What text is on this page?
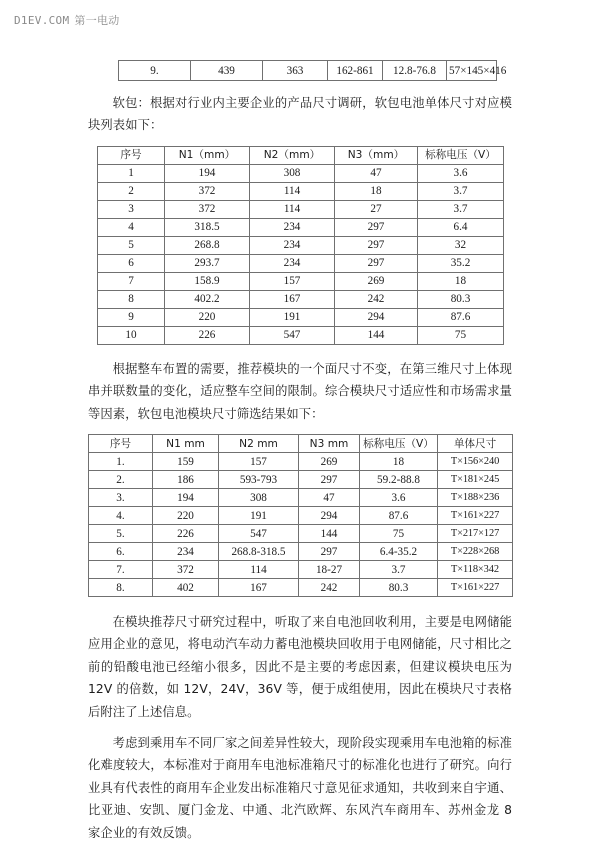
D1EV.COM 第一电动
9.	439	363	162-861	12.8-76.8	57×145×416

软包：根据对行业内主要企业的产品尺寸调研，软包电池单体尺寸对应模块列表如下：

序号	N1（mm）	N2（mm）	N3（mm）	标称电压（V）
1	194	308	47	3.6
2	372	114	18	3.7
3	372	114	27	3.7
4	318.5	234	297	6.4
5	268.8	234	297	32
6	293.7	234	297	35.2
7	158.9	157	269	18
8	402.2	167	242	80.3
9	220	191	294	87.6
10	226	547	144	75

根据整车布置的需要，推荐模块的一个面尺寸不变，在第三维尺寸上体现串并联数量的变化，适应整车空间的限制。综合模块尺寸适应性和市场需求量等因素，软包电池模块尺寸筛选结果如下：

序号	N1 mm	N2 mm	N3 mm	标称电压（V）	单体尺寸
1.	159	157	269	18	T×156×240
2.	186	593-793	297	59.2-88.8	T×181×245
3.	194	308	47	3.6	T×188×236
4.	220	191	294	87.6	T×161×227
5.	226	547	144	75	T×217×127
6.	234	268.8-318.5	297	6.4-35.2	T×228×268
7.	372	114	18-27	3.7	T×118×342
8.	402	167	242	80.3	T×161×227

在模块推荐尺寸研究过程中，听取了来自电池回收利用，主要是电网储能应用企业的意见，将电动汽车动力蓄电池模块回收用于电网储能，尺寸相比之前的铅酸电池已经缩小很多，因此不是主要的考虑因素，但建议模块电压为 12V 的倍数，如 12V，24V，36V 等，便于成组使用，因此在模块尺寸表格后附注了上述信息。

考虑到乘用车不同厂家之间差异性较大，现阶段实现乘用车电池箱的标准化难度较大，本标准对于商用车电池标准箱尺寸的标准化也进行了研究。向行业具有代表性的商用车企业发出标准箱尺寸意见征求通知，共收到来自宇通、比亚迪、安凯、厦门金龙、中通、北汽欧辉、东风汽车商用车、苏州金龙 8 家企业的有效反馈。
